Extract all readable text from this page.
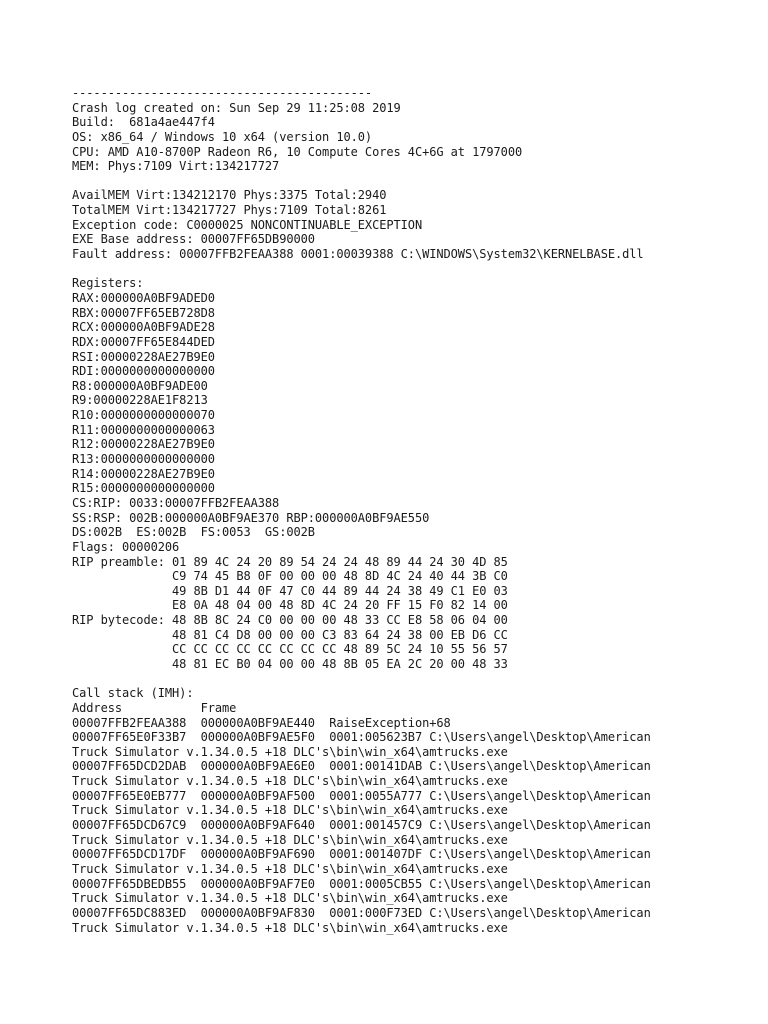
------------------------------------------
Crash log created on: Sun Sep 29 11:25:08 2019
Build:  681a4ae447f4
OS: x86_64 / Windows 10 x64 (version 10.0)
CPU: AMD A10-8700P Radeon R6, 10 Compute Cores 4C+6G at 1797000
MEM: Phys:7109 Virt:134217727
AvailMEM Virt:134212170 Phys:3375 Total:2940
TotalMEM Virt:134217727 Phys:7109 Total:8261
Exception code: C0000025 NONCONTINUABLE_EXCEPTION
EXE Base address: 00007FF65DB90000
Fault address: 00007FFB2FEAA388 0001:00039388 C:\WINDOWS\System32\KERNELBASE.dll
Registers:
RAX:000000A0BF9ADED0
RBX:00007FF65EB728D8
RCX:000000A0BF9ADE28
RDX:00007FF65E844DED
RSI:00000228AE27B9E0
RDI:0000000000000000
R8:000000A0BF9ADE00
R9:00000228AE1F8213
R10:0000000000000070
R11:0000000000000063
R12:00000228AE27B9E0
R13:0000000000000000
R14:00000228AE27B9E0
R15:0000000000000000
CS:RIP: 0033:00007FFB2FEAA388
SS:RSP: 002B:000000A0BF9AE370 RBP:000000A0BF9AE550
DS:002B  ES:002B  FS:0053  GS:002B
Flags: 00000206
RIP preamble: 01 89 4C 24 20 89 54 24 24 48 89 44 24 30 4D 85
C9 74 45 B8 0F 00 00 00 48 8D 4C 24 40 44 3B C0
49 8B D1 44 0F 47 C0 44 89 44 24 38 49 C1 E0 03
E8 0A 48 04 00 48 8D 4C 24 20 FF 15 F0 82 14 00
RIP bytecode: 48 8B 8C 24 C0 00 00 00 48 33 CC E8 58 06 04 00
48 81 C4 D8 00 00 00 C3 83 64 24 38 00 EB D6 CC
CC CC CC CC CC CC CC CC 48 89 5C 24 10 55 56 57
48 81 EC B0 04 00 00 48 8B 05 EA 2C 20 00 48 33
Call stack (IMH):
Address           Frame
00007FFB2FEAA388  000000A0BF9AE440  RaiseException+68
00007FF65E0F33B7  000000A0BF9AE5F0  0001:005623B7 C:\Users\angel\Desktop\American
Truck Simulator v.1.34.0.5 +18 DLC's\bin\win_x64\amtrucks.exe
00007FF65DCD2DAB  000000A0BF9AE6E0  0001:00141DAB C:\Users\angel\Desktop\American
Truck Simulator v.1.34.0.5 +18 DLC's\bin\win_x64\amtrucks.exe
00007FF65E0EB777  000000A0BF9AF500  0001:0055A777 C:\Users\angel\Desktop\American
Truck Simulator v.1.34.0.5 +18 DLC's\bin\win_x64\amtrucks.exe
00007FF65DCD67C9  000000A0BF9AF640  0001:001457C9 C:\Users\angel\Desktop\American
Truck Simulator v.1.34.0.5 +18 DLC's\bin\win_x64\amtrucks.exe
00007FF65DCD17DF  000000A0BF9AF690  0001:001407DF C:\Users\angel\Desktop\American
Truck Simulator v.1.34.0.5 +18 DLC's\bin\win_x64\amtrucks.exe
00007FF65DBEDB55  000000A0BF9AF7E0  0001:0005CB55 C:\Users\angel\Desktop\American
Truck Simulator v.1.34.0.5 +18 DLC's\bin\win_x64\amtrucks.exe
00007FF65DC883ED  000000A0BF9AF830  0001:000F73ED C:\Users\angel\Desktop\American
Truck Simulator v.1.34.0.5 +18 DLC's\bin\win_x64\amtrucks.exe
